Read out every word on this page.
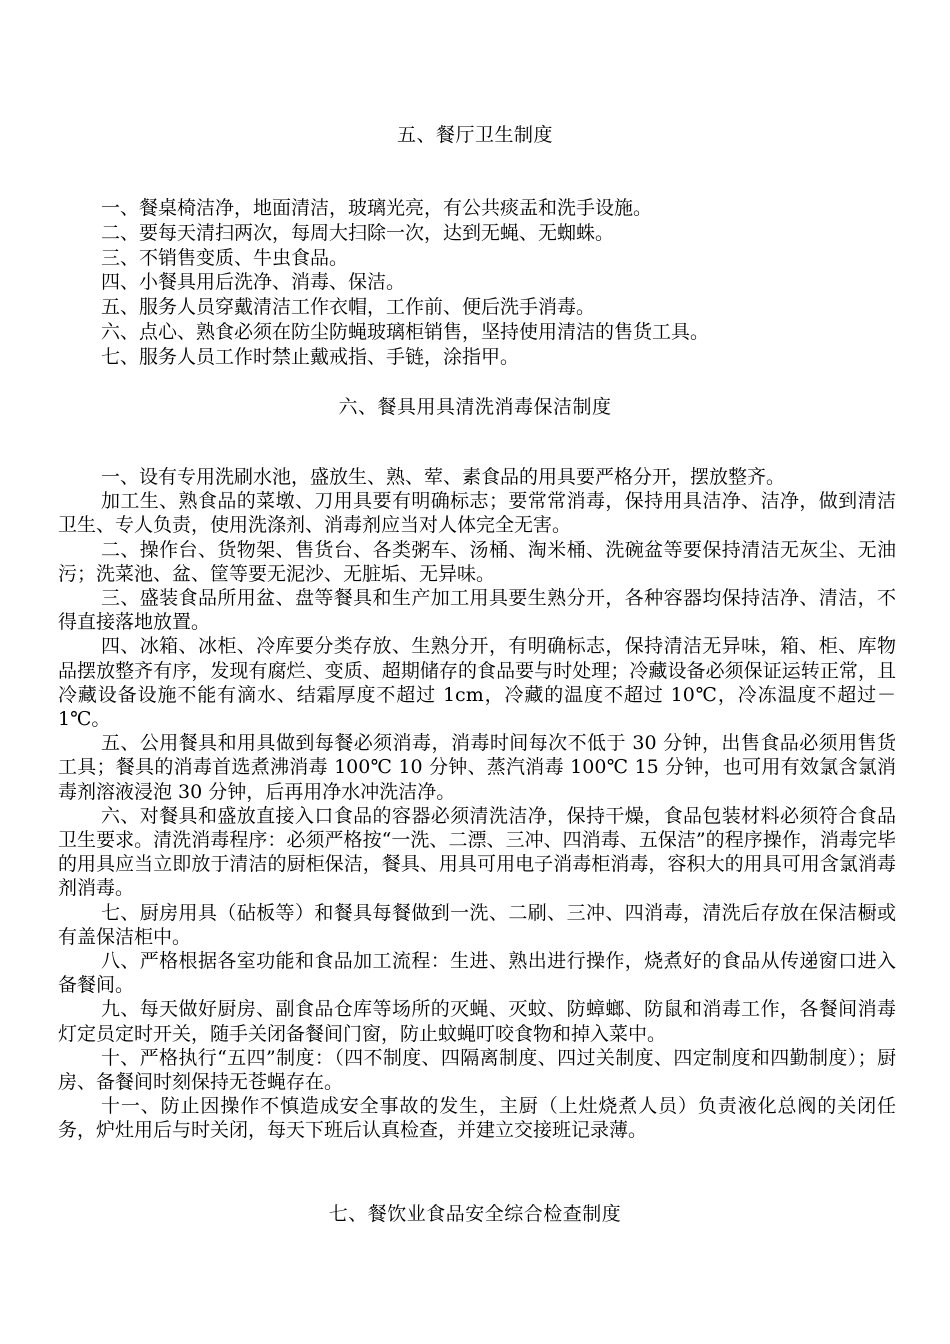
五、餐厅卫生制度
一、餐桌椅洁净，地面清洁，玻璃光亮，有公共痰盂和洗手设施。
二、要每天清扫两次，每周大扫除一次，达到无蝇、无蜘蛛。
三、不销售变质、牛虫食品。
四、小餐具用后洗净、消毒、保洁。
五、服务人员穿戴清洁工作衣帽，工作前、便后洗手消毒。
六、点心、熟食必须在防尘防蝇玻璃柜销售，坚持使用清洁的售货工具。
七、服务人员工作时禁止戴戒指、手链，涂指甲。
六、餐具用具清洗消毒保洁制度

一、设有专用洗刷水池，盛放生、熟、荤、素食品的用具要严格分开，摆放整齐。

加工生、熟食品的菜墩、刀用具要有明确标志；要常常消毒，保持用具洁净、洁净，做到清洁卫生、专人负责，使用洗涤剂、消毒剂应当对人体完全无害。

二、操作台、货物架、售货台、各类粥车、汤桶、淘米桶、洗碗盆等要保持清洁无灰尘、无油污；洗菜池、盆、筐等要无泥沙、无脏垢、无异味。

三、盛装食品所用盆、盘等餐具和生产加工用具要生熟分开，各种容器均保持洁净、清洁，不得直接落地放置。

四、冰箱、冰柜、冷库要分类存放、生熟分开，有明确标志，保持清洁无异味，箱、柜、库物品摆放整齐有序，发现有腐烂、变质、超期储存的食品要与时处理；冷藏设备必须保证运转正常，且冷藏设备设施不能有滴水、结霜厚度不超过 1cm，冷藏的温度不超过 10℃，冷冻温度不超过－1℃。

五、公用餐具和用具做到每餐必须消毒，消毒时间每次不低于 30 分钟，出售食品必须用售货工具；餐具的消毒首选煮沸消毒 100℃ 10 分钟、蒸汽消毒 100℃ 15 分钟，也可用有效氯含氯消毒剂溶液浸泡 30 分钟，后再用净水冲洗洁净。

六、对餐具和盛放直接入口食品的容器必须清洗洁净，保持干燥，食品包装材料必须符合食品卫生要求。清洗消毒程序：必须严格按“一洗、二漂、三冲、四消毒、五保洁”的程序操作，消毒完毕的用具应当立即放于清洁的厨柜保洁，餐具、用具可用电子消毒柜消毒，容积大的用具可用含氯消毒剂消毒。

七、厨房用具（砧板等）和餐具每餐做到一洗、二刷、三冲、四消毒，清洗后存放在保洁橱或有盖保洁柜中。

八、严格根据各室功能和食品加工流程：生进、熟出进行操作，烧煮好的食品从传递窗口进入备餐间。

九、每天做好厨房、副食品仓库等场所的灭蝇、灭蚊、防蟑螂、防鼠和消毒工作，各餐间消毒灯定员定时开关，随手关闭备餐间门窗，防止蚊蝇叮咬食物和掉入菜中。

十、严格执行“五四”制度：（四不制度、四隔离制度、四过关制度、四定制度和四勤制度）；厨房、备餐间时刻保持无苍蝇存在。

十一、防止因操作不慎造成安全事故的发生，主厨（上灶烧煮人员）负责液化总阀的关闭任务，炉灶用后与时关闭，每天下班后认真检查，并建立交接班记录薄。

七、餐饮业食品安全综合检查制度
